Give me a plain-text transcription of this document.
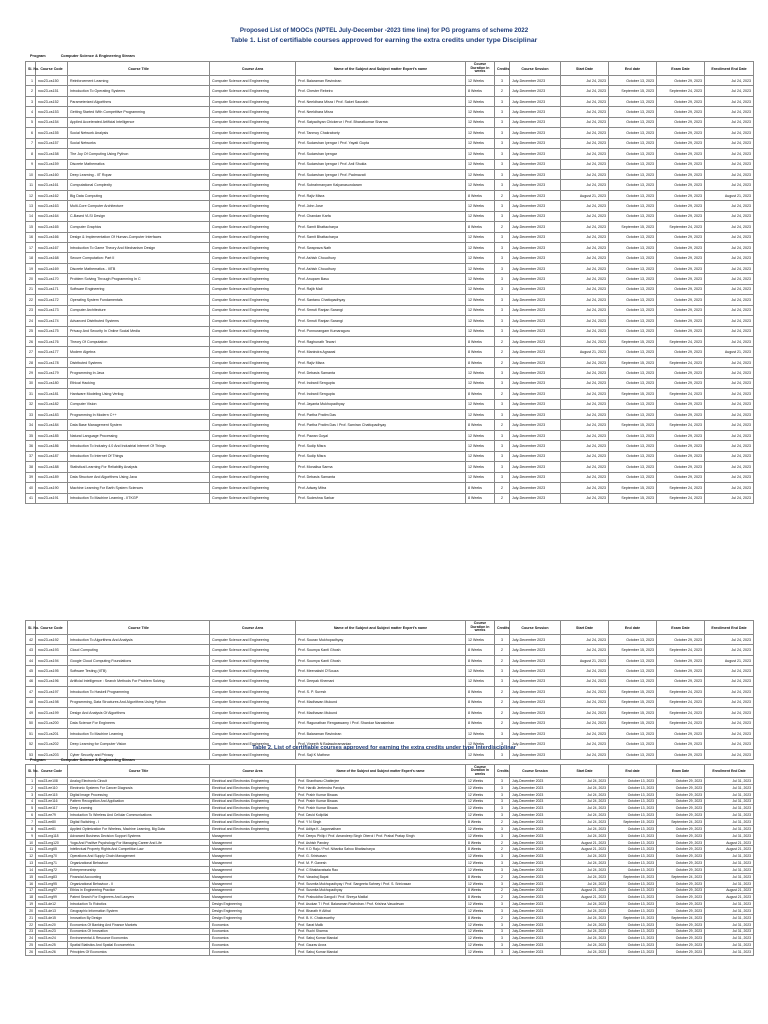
Proposed List of MOOCs (NPTEL July-December -2023 time line) for PG programs of scheme 2022
Table 1. List of certifiable courses approved for earning the extra credits under type Disciplinar
Program	Computer Science & Engineering Stream
Sl. No.	Course Code	Course Title	Course Area	Name of the Subject and Subject matter Expert's name	Course Duration in weeks	Credits	Course Session	Start Date	End date	Exam Date	Enrollment End Date
1	noc23-cs150	Reinforcement Learning	Computer Science and Engineering	Prof. Balaraman Ravindran	12 Weeks	3	July-December 2023	Jul 24, 2023	October 13, 2023	October 29, 2023	Jul 24, 2023
2	noc23-cs151	Introduction To Operating Systems	Computer Science and Engineering	Prof. Chester Rebeiro	8 Weeks	2	July-December 2023	Jul 24, 2023	September 15, 2023	September 24, 2023	Jul 24, 2023
3	noc23-cs152	Parameterized Algorithms	Computer Science and Engineering	Prof. Neeldhara Misra / Prof. Saket Saurabh	12 Weeks	3	July-December 2023	Jul 24, 2023	October 13, 2023	October 29, 2023	Jul 24, 2023
4	noc23-cs153	Getting Started With Competitive Programming	Computer Science and Engineering	Prof. Neeldhara Misra	12 Weeks	3	July-December 2023	Jul 24, 2023	October 13, 2023	October 29, 2023	Jul 24, 2023
5	noc23-cs154	Applied Accelerated Artificial Intelligence	Computer Science and Engineering	Prof. Satyadhyan Chickerur / Prof. Bharatkumar Sharma	12 Weeks	3	July-December 2023	Jul 24, 2023	October 13, 2023	October 29, 2023	Jul 24, 2023
6	noc23-cs155	Social Network Analysis	Computer Science and Engineering	Prof. Tanmoy Chakraborty	12 Weeks	3	July-December 2023	Jul 24, 2023	October 13, 2023	October 29, 2023	Jul 24, 2023
7	noc23-cs157	Social Networks	Computer Science and Engineering	Prof. Sudarshan Iyengar / Prof. Yayati Gupta	12 Weeks	3	July-December 2023	Jul 24, 2023	October 13, 2023	October 29, 2023	Jul 24, 2023
8	noc23-cs158	The Joy Of Computing Using Python	Computer Science and Engineering	Prof. Sudarshan Iyengar	12 Weeks	3	July-December 2023	Jul 24, 2023	October 13, 2023	October 29, 2023	Jul 24, 2023
9	noc23-cs159	Discrete Mathematics	Computer Science and Engineering	Prof. Sudarshan Iyengar / Prof. Anil Shukla	12 Weeks	3	July-December 2023	Jul 24, 2023	October 13, 2023	October 29, 2023	Jul 24, 2023
10	noc23-cs160	Deep Learning - IIT Ropar	Computer Science and Engineering	Prof. Sudarshan Iyengar / Prof. Padmavati	12 Weeks	3	July-December 2023	Jul 24, 2023	October 13, 2023	October 29, 2023	Jul 24, 2023
11	noc23-cs161	Computational Complexity	Computer Science and Engineering	Prof. Subrahmanyam Kalyanasundaram	12 Weeks	3	July-December 2023	Jul 24, 2023	October 13, 2023	October 29, 2023	Jul 24, 2023
12	noc23-cs162	Big Data Computing	Computer Science and Engineering	Prof. Rajiv Misra	8 Weeks	2	July-December 2023	August 21, 2023	October 13, 2023	October 29, 2023	August 21, 2023
13	noc23-cs163	Multi-Core Computer Architecture	Computer Science and Engineering	Prof. John Jose	12 Weeks	3	July-December 2023	Jul 24, 2023	October 13, 2023	October 29, 2023	Jul 24, 2023
14	noc23-cs164	C-Based VLSI Design	Computer Science and Engineering	Prof. Chandan Karfa	12 Weeks	3	July-December 2023	Jul 24, 2023	October 13, 2023	October 29, 2023	Jul 24, 2023
15	noc23-cs165	Computer Graphics	Computer Science and Engineering	Prof. Samit Bhattacharya	8 Weeks	2	July-December 2023	Jul 24, 2023	September 15, 2023	September 24, 2023	Jul 24, 2023
16	noc23-cs166	Design & Implementation Of Human-Computer Interfaces	Computer Science and Engineering	Prof. Samit Bhattacharya	12 Weeks	3	July-December 2023	Jul 24, 2023	October 13, 2023	October 29, 2023	Jul 24, 2023
17	noc23-cs167	Introduction To Game Theory And Mechanism Design	Computer Science and Engineering	Prof. Swaprava Nath	12 Weeks	3	July-December 2023	Jul 24, 2023	October 13, 2023	October 29, 2023	Jul 24, 2023
18	noc23-cs168	Secure Computation: Part II	Computer Science and Engineering	Prof. Ashish Choudhury	12 Weeks	3	July-December 2023	Jul 24, 2023	October 13, 2023	October 29, 2023	Jul 24, 2023
19	noc23-cs169	Discrete Mathematics - IIITB	Computer Science and Engineering	Prof. Ashish Choudhury	12 Weeks	3	July-December 2023	Jul 24, 2023	October 13, 2023	October 29, 2023	Jul 24, 2023
20	noc23-cs170	Problem Solving Through Programming In C	Computer Science and Engineering	Prof. Anupam Basu	12 Weeks	3	July-December 2023	Jul 24, 2023	October 13, 2023	October 29, 2023	Jul 24, 2023
21	noc23-cs171	Software Engineering	Computer Science and Engineering	Prof. Rajib Mall	12 Weeks	3	July-December 2023	Jul 24, 2023	October 13, 2023	October 29, 2023	Jul 24, 2023
22	noc23-cs172	Operating System Fundamentals	Computer Science and Engineering	Prof. Santanu Chattopadhyay	12 Weeks	3	July-December 2023	Jul 24, 2023	October 13, 2023	October 29, 2023	Jul 24, 2023
23	noc23-cs173	Computer Architecture	Computer Science and Engineering	Prof. Smruti Ranjan Sarangi	12 Weeks	3	July-December 2023	Jul 24, 2023	October 13, 2023	October 29, 2023	Jul 24, 2023
24	noc23-cs174	Advanced Distributed Systems	Computer Science and Engineering	Prof. Smruti Ranjan Sarangi	12 Weeks	3	July-December 2023	Jul 24, 2023	October 13, 2023	October 29, 2023	Jul 24, 2023
25	noc23-cs175	Privacy And Security In Online Social Media	Computer Science and Engineering	Prof. Ponnurangam Kumaraguru	12 Weeks	3	July-December 2023	Jul 24, 2023	October 13, 2023	October 29, 2023	Jul 24, 2023
26	noc23-cs176	Theory Of Computation	Computer Science and Engineering	Prof. Raghunath Tewari	8 Weeks	2	July-December 2023	Jul 24, 2023	September 15, 2023	September 24, 2023	Jul 24, 2023
27	noc23-cs177	Modern Algebra	Computer Science and Engineering	Prof. Manindra Agrawal	8 Weeks	2	July-December 2023	August 21, 2023	October 13, 2023	October 29, 2023	August 21, 2023
28	noc23-cs178	Distributed Systems	Computer Science and Engineering	Prof. Rajiv Misra	8 Weeks	2	July-December 2023	Jul 24, 2023	September 15, 2023	September 24, 2023	Jul 24, 2023
29	noc23-cs179	Programming In Java	Computer Science and Engineering	Prof. Debasis Samanta	12 Weeks	3	July-December 2023	Jul 24, 2023	October 13, 2023	October 29, 2023	Jul 24, 2023
30	noc23-cs180	Ethical Hacking	Computer Science and Engineering	Prof. Indranil Sengupta	12 Weeks	3	July-December 2023	Jul 24, 2023	October 13, 2023	October 29, 2023	Jul 24, 2023
31	noc23-cs181	Hardware Modeling Using Verilog	Computer Science and Engineering	Prof. Indranil Sengupta	8 Weeks	2	July-December 2023	Jul 24, 2023	September 15, 2023	September 24, 2023	Jul 24, 2023
32	noc23-cs182	Computer Vision	Computer Science and Engineering	Prof. Jayanta Mukhopadhyay	12 Weeks	3	July-December 2023	Jul 24, 2023	October 13, 2023	October 29, 2023	Jul 24, 2023
33	noc23-cs183	Programming In Modern C++	Computer Science and Engineering	Prof. Partha Pratim Das	12 Weeks	3	July-December 2023	Jul 24, 2023	October 13, 2023	October 29, 2023	Jul 24, 2023
34	noc23-cs184	Data Base Management System	Computer Science and Engineering	Prof. Partha Pratim Das / Prof. Samiran Chattopadhyay	8 Weeks	2	July-December 2023	Jul 24, 2023	September 15, 2023	September 24, 2023	Jul 24, 2023
35	noc23-cs185	Natural Language Processing	Computer Science and Engineering	Prof. Pawan Goyal	12 Weeks	3	July-December 2023	Jul 24, 2023	October 13, 2023	October 29, 2023	Jul 24, 2023
36	noc23-cs186	Introduction To Industry 4.0 And Industrial Internet Of Things	Computer Science and Engineering	Prof. Sudip Misra	12 Weeks	3	July-December 2023	Jul 24, 2023	October 13, 2023	October 29, 2023	Jul 24, 2023
37	noc23-cs187	Introduction To Internet Of Things	Computer Science and Engineering	Prof. Sudip Misra	12 Weeks	3	July-December 2023	Jul 24, 2023	October 13, 2023	October 29, 2023	Jul 24, 2023
38	noc23-cs188	Statistical Learning For Reliability Analysis	Computer Science and Engineering	Prof. Monalisa Sarma	12 Weeks	3	July-December 2023	Jul 24, 2023	October 13, 2023	October 29, 2023	Jul 24, 2023
39	noc23-cs189	Data Structure And Algorithms Using Java	Computer Science and Engineering	Prof. Debasis Samanta	12 Weeks	3	July-December 2023	Jul 24, 2023	October 13, 2023	October 29, 2023	Jul 24, 2023
40	noc23-cs190	Machine Learning For Earth System Sciences	Computer Science and Engineering	Prof. Adway Mitra	8 Weeks	2	July-December 2023	Jul 24, 2023	September 15, 2023	September 24, 2023	Jul 24, 2023
41	noc23-cs191	Introduction To Machine Learning - IITKGP	Computer Science and Engineering	Prof. Sudeshna Sarkar	8 Weeks	2	July-December 2023	Jul 24, 2023	September 15, 2023	September 24, 2023	Jul 24, 2023
42	noc23-cs192	Introduction To Algorithms And Analysis	Computer Science and Engineering	Prof. Sourav Mukhopadhyay	12 Weeks	3	July-December 2023	Jul 24, 2023	October 13, 2023	October 29, 2023	Jul 24, 2023
Sl. No.	Course Code	Course Title	Course Area	Name of the Subject and Subject matter Expert's name	Course Duration in weeks	Credits	Course Session	Start Date	End date	Exam Date	Enrollment End Date
43	noc23-cs193	Cloud Computing	Computer Science and Engineering	Prof. Soumya Kanti Ghosh	8 Weeks	2	July-December 2023	Jul 24, 2023	September 15, 2023	September 24, 2023	Jul 24, 2023
44	noc23-cs194	Google Cloud Computing Foundations	Computer Science and Engineering	Prof. Soumya Kanti Ghosh	8 Weeks	2	July-December 2023	August 21, 2023	October 13, 2023	October 29, 2023	August 21, 2023
45	noc23-cs195	Software Testing (IITB)	Computer Science and Engineering	Prof. Meenakshi D'Souza	12 Weeks	3	July-December 2023	Jul 24, 2023	October 13, 2023	October 29, 2023	Jul 24, 2023
46	noc23-cs196	Artificial Intelligence : Search Methods For Problem Solving	Computer Science and Engineering	Prof. Deepak Khemani	12 Weeks	3	July-December 2023	Jul 24, 2023	October 13, 2023	October 29, 2023	Jul 24, 2023
47	noc23-cs197	Introduction To Haskell Programming	Computer Science and Engineering	Prof. S. P. Suresh	8 Weeks	2	July-December 2023	Jul 24, 2023	September 15, 2023	September 24, 2023	Jul 24, 2023
48	noc23-cs198	Programming, Data Structures And Algorithms Using Python	Computer Science and Engineering	Prof. Madhavan Mukund	8 Weeks	2	July-December 2023	Jul 24, 2023	September 15, 2023	September 24, 2023	Jul 24, 2023
49	noc23-cs199	Design And Analysis Of Algorithms	Computer Science and Engineering	Prof. Madhavan Mukund	8 Weeks	2	July-December 2023	Jul 24, 2023	September 15, 2023	September 24, 2023	Jul 24, 2023
50	noc23-cs200	Data Science For Engineers	Computer Science and Engineering	Prof. Ragunathan Rengaswamy / Prof. Shankar Narasimhan	8 Weeks	2	July-December 2023	Jul 24, 2023	September 15, 2023	September 24, 2023	Jul 24, 2023
51	noc23-cs201	Introduction To Machine Learning	Computer Science and Engineering	Prof. Balaraman Ravindran	12 Weeks	3	July-December 2023	Jul 24, 2023	October 13, 2023	October 29, 2023	Jul 24, 2023
52	noc23-cs202	Deep Learning for Computer Vision	Computer Science and Engineering	Prof. Vineeth N Balasubramanian	12 Weeks	3	July-December 2023	Jul 24, 2023	October 13, 2023	October 29, 2023	Jul 24, 2023
53	noc23-cs203	Cyber Security and Privacy	Computer Science and Engineering	Prof. Saji K Mathew	12 Weeks	3	July-December 2023	Jul 24, 2023	October 13, 2023	October 29, 2023	Jul 24, 2023
Table 2. List of certifiable courses approved for earning the extra credits under type Interdisciplinar
Program	Computer Science & Engineering Stream
Sl. No.	Course Code	Course Title	Course Area	Name of the Subject and Subject matter Expert's name	Course Duration in weeks	Credits	Course Session	Start Date	End date	Exam Date	Enrollment End Date
1	noc23-ee108	Analog Electronic Circuit	Electrical and Electronics Engineering	Prof. Shanthanu Chatterjee	12 Weeks	3	July-December 2023	Jul 24, 2023	October 13, 2023	October 29, 2023	Jul 31, 2023
2	noc23-ee110	Electronic Systems For Cancer Diagnosis	Electrical and Electronics Engineering	Prof. Hardik Jeetendra Pandya	12 Weeks	3	July-December 2023	Jul 24, 2023	October 13, 2023	October 29, 2023	Jul 31, 2023
3	noc23-ee115	Digital Image Processing	Electrical and Electronics Engineering	Prof. Prabir Kumar Biswas	12 Weeks	3	July-December 2023	Jul 24, 2023	October 13, 2023	October 29, 2023	Jul 31, 2023
4	noc23-ee116	Pattern Recognition And Application	Electrical and Electronics Engineering	Prof. Prabir Kumar Biswas	12 Weeks	3	July-December 2023	Jul 24, 2023	October 13, 2023	October 29, 2023	Jul 31, 2023
5	noc23-ee117	Deep Learning	Electrical and Electronics Engineering	Prof. Prabir Kumar Biswas	12 Weeks	3	July-December 2023	Jul 24, 2023	October 13, 2023	October 29, 2023	Jul 31, 2023
6	noc23-ee79	Introduction To Wireless And Cellular Communications	Electrical and Electronics Engineering	Prof. David Koilpillai	12 Weeks	3	July-December 2023	Jul 24, 2023	October 13, 2023	October 29, 2023	Jul 31, 2023
7	noc23-ee80	Digital Switching - I	Electrical and Electronics Engineering	Prof. Y N Singh	8 Weeks	2	July-December 2023	Jul 24, 2023	September 15, 2023	September 24, 2023	Jul 31, 2023
8	noc23-ee81	Applied Optimization For Wireless, Machine Learning, Big Data	Electrical and Electronics Engineering	Prof. Aditya K. Jagannatham	12 Weeks	3	July-December 2023	Jul 24, 2023	October 13, 2023	October 29, 2023	Jul 31, 2023
9	noc23-mg118	Advanced Business Decision Support Systems	Management	Prof. Deepu Philip / Prof. Amandeep Singh Oberoi / Prof. Prabal Pratap Singh	12 Weeks	3	July-December 2023	Jul 24, 2023	October 13, 2023	October 29, 2023	Jul 31, 2023
10	noc23-mg120	Yoga And Positive Psychology For Managing Career And Life	Management	Prof. Ashish Pandey	8 Weeks	2	July-December 2023	August 21, 2023	October 13, 2023	October 29, 2023	August 21, 2023
11	noc23-mg65	Intellectual Property Rights And Competition Law	Management	Prof. K D Raju / Prof. Niharika Sahoo Bhattacharya	8 Weeks	2	July-December 2023	August 21, 2023	October 13, 2023	October 29, 2023	August 21, 2023
12	noc23-mg70	Operations And Supply Chain Management	Management	Prof. G. Srinivasan	12 Weeks	3	July-December 2023	Jul 24, 2023	October 13, 2023	October 29, 2023	Jul 31, 2023
13	noc23-mg71	Organizational Behaviour	Management	Prof. M. P. Ganesh	12 Weeks	3	July-December 2023	Jul 24, 2023	October 13, 2023	October 29, 2023	Jul 31, 2023
14	noc23-mg72	Entrepreneurship	Management	Prof. C Bhaktavatsala Rao	12 Weeks	3	July-December 2023	Jul 24, 2023	October 13, 2023	October 29, 2023	Jul 31, 2023
15	noc23-mg83	Financial Accounting	Management	Prof. Varadraj Bapat	8 Weeks	2	July-December 2023	Jul 24, 2023	September 15, 2023	September 24, 2023	Jul 31, 2023
16	noc23-mg95	Organizational Behaviour - II	Management	Prof. Susmita Mukhopadhyay / Prof. Sangeeta Sahney / Prof. S. Srinivasan	12 Weeks	3	July-December 2023	Jul 24, 2023	October 13, 2023	October 29, 2023	Jul 31, 2023
17	noc23-mg97	Ethics in Engineering Practice	Management	Prof. Susmita Mukhopadhyay	8 Weeks	2	July-December 2023	August 21, 2023	October 13, 2023	October 29, 2023	August 21, 2023
18	noc23-mg99	Patent Search For Engineers And Lawyers	Management	Prof. Prabuddha Ganguli / Prof. Shreya Matilal	8 Weeks	2	July-December 2023	August 21, 2023	October 13, 2023	October 29, 2023	August 21, 2023
19	noc23-de12	Introduction To Robotics	Design Engineering	Prof. Asokan T / Prof. Balaraman Ravindran / Prof. Krishna Vasudevan	12 Weeks	3	July-December 2023	Jul 24, 2023	October 13, 2023	October 29, 2023	Jul 31, 2023
20	noc23-de13	Geographic Information System	Design Engineering	Prof. Bharath H Aithal	12 Weeks	3	July-December 2023	Jul 24, 2023	October 13, 2023	October 29, 2023	Jul 31, 2023
21	noc23-de15	Innovation By Design	Design Engineering	Prof. B. K. Chakravarthy	8 Weeks	2	July-December 2023	Jul 24, 2023	September 15, 2023	September 24, 2023	Jul 31, 2023
22	noc23-ec20	Economics Of Banking And Finance Markets	Economics	Prof. Sarat Malik	12 Weeks	3	July-December 2023	Jul 24, 2023	October 13, 2023	October 29, 2023	Jul 31, 2023
23	noc23-ec23	Economics Of Innovation	Economics	Prof. Ruchi Sharma	12 Weeks	3	July-December 2023	Jul 24, 2023	October 13, 2023	October 29, 2023	Jul 31, 2023
24	noc23-ec24	Environmental & Resource Economics	Economics	Prof. Sabuj Kumar Mandal	12 Weeks	3	July-December 2023	Jul 24, 2023	October 13, 2023	October 29, 2023	Jul 31, 2023
25	noc23-ec25	Spatial Statistics And Spatial Econometrics	Economics	Prof. Gaurav Arora	12 Weeks	3	July-December 2023	Jul 24, 2023	October 13, 2023	October 29, 2023	Jul 31, 2023
26	noc23-ec26	Principles Of Economics	Economics	Prof. Sabuj Kumar Mandal	12 Weeks	3	July-December 2023	Jul 24, 2023	October 13, 2023	October 29, 2023	Jul 31, 2023
